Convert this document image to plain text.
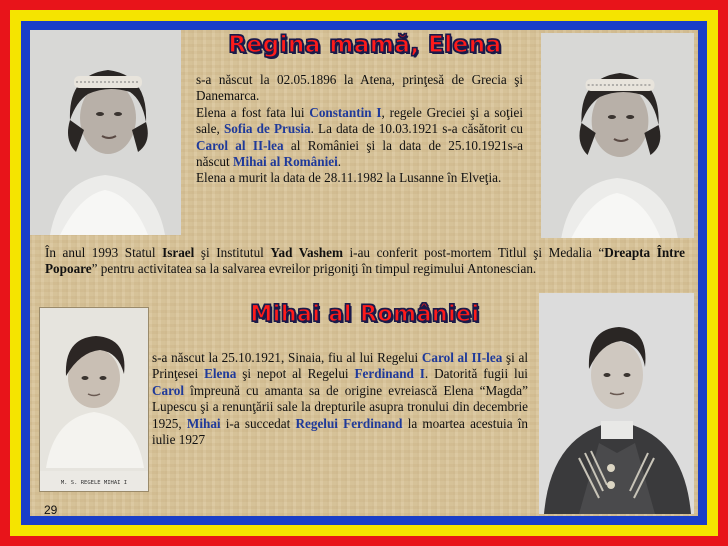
Regina mamă, Elena
s-a născut la 02.05.1896 la Atena, prinţesă de Grecia şi Danemarca.
Elena a fost fata lui Constantin I, regele Greciei şi a soţiei sale, Sofia de Prusia. La data de 10.03.1921 s-a căsătorit cu Carol al II-lea al României şi la data de 25.10.1921s-a născut Mihai al României.
Elena a murit la data de 28.11.1982 la Lusanne în Elveţia.
În anul 1993 Statul Israel şi Institutul Yad Vashem i-au conferit post-mortem Titlul şi Medalia “Dreapta Între Popoare” pentru activitatea sa la salvarea evreilor prigoniţi în timpul regimului Antonescian.
Mihai al României
M. S. REGELE MIHAI I
s-a născut la 25.10.1921, Sinaia, fiu al lui Regelui Carol al II-lea şi al Prinţesei Elena şi nepot al Regelui Ferdinand I. Datorită fugii lui Carol împreună cu amanta sa de origine evreiască Elena “Magda” Lupescu şi a renunţării sale la drepturile asupra tronului din decembrie 1925, Mihai i-a succedat Regelui Ferdinand la moartea acestuia în iulie 1927
29
